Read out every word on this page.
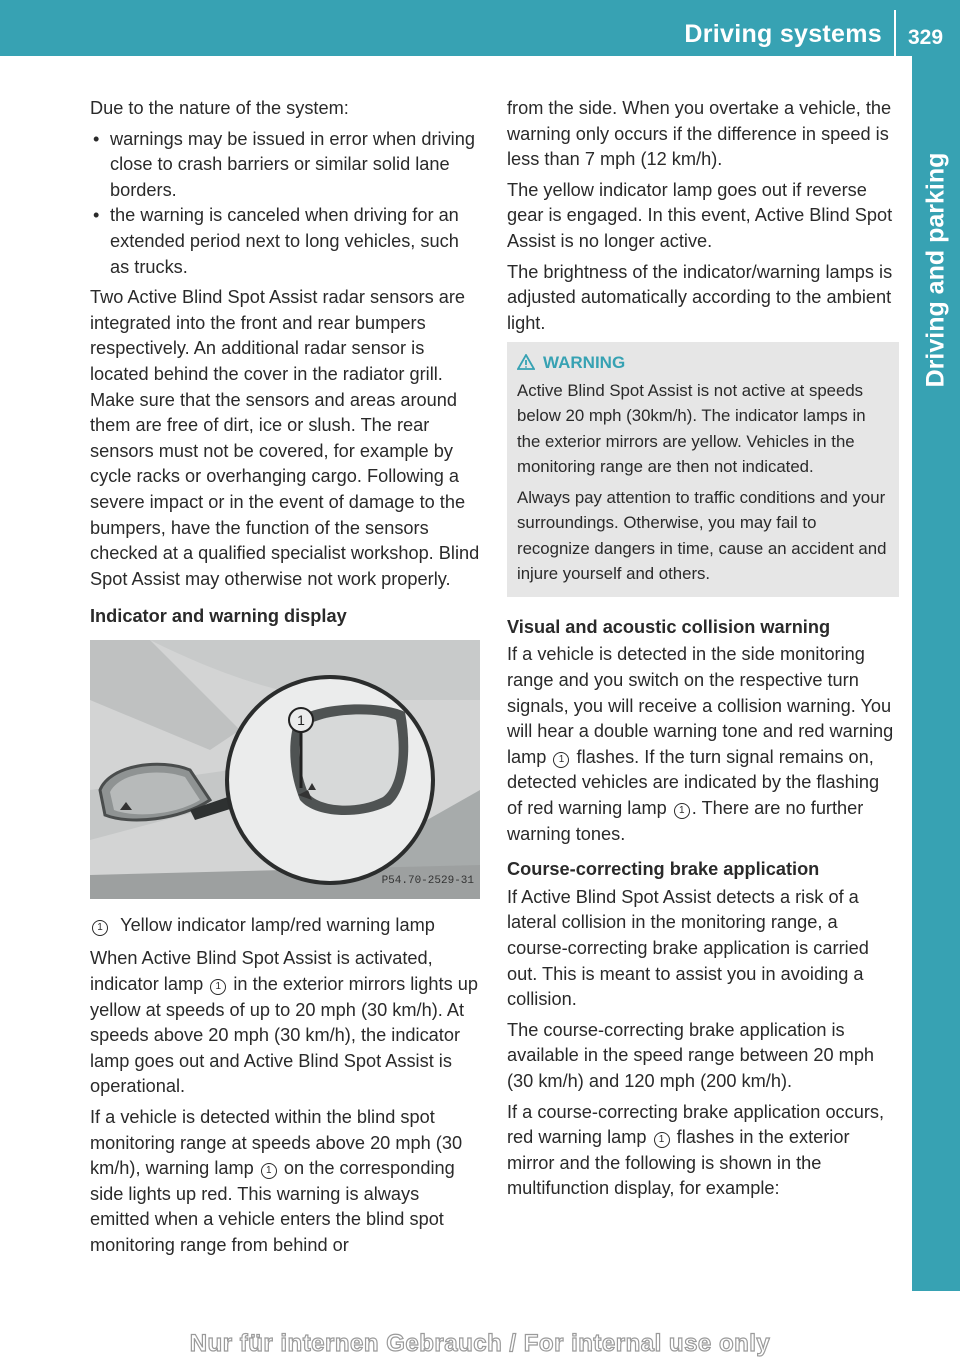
Driving systems 329
Driving and parking

Due to the nature of the system:

• warnings may be issued in error when driving close to crash barriers or similar solid lane borders.

• the warning is canceled when driving for an extended period next to long vehicles, such as trucks.

Two Active Blind Spot Assist radar sensors are integrated into the front and rear bumpers respectively. An additional radar sensor is located behind the cover in the radiator grill. Make sure that the sensors and areas around them are free of dirt, ice or slush. The rear sensors must not be covered, for example by cycle racks or overhanging cargo. Following a severe impact or in the event of damage to the bumpers, have the function of the sensors checked at a qualified specialist workshop. Blind Spot Assist may otherwise not work properly.

Indicator and warning display

1
P54.70-2529-31

1 Yellow indicator lamp/red warning lamp

When Active Blind Spot Assist is activated, indicator lamp 1 in the exterior mirrors lights up yellow at speeds of up to 20 mph (30 km/h). At speeds above 20 mph (30 km/h), the indicator lamp goes out and Active Blind Spot Assist is operational.

If a vehicle is detected within the blind spot monitoring range at speeds above 20 mph (30 km/h), warning lamp 1 on the corresponding side lights up red. This warning is always emitted when a vehicle enters the blind spot monitoring range from behind or

from the side. When you overtake a vehicle, the warning only occurs if the difference in speed is less than 7 mph (12 km/h).

The yellow indicator lamp goes out if reverse gear is engaged. In this event, Active Blind Spot Assist is no longer active.

The brightness of the indicator/warning lamps is adjusted automatically according to the ambient light.

WARNING

Active Blind Spot Assist is not active at speeds below 20 mph (30km/h). The indicator lamps in the exterior mirrors are yellow. Vehicles in the monitoring range are then not indicated.

Always pay attention to traffic conditions and your surroundings. Otherwise, you may fail to recognize dangers in time, cause an accident and injure yourself and others.

Visual and acoustic collision warning

If a vehicle is detected in the side monitoring range and you switch on the respective turn signals, you will receive a collision warning. You will hear a double warning tone and red warning lamp 1 flashes. If the turn signal remains on, detected vehicles are indicated by the flashing of red warning lamp 1 . There are no further warning tones.

Course-correcting brake application

If Active Blind Spot Assist detects a risk of a lateral collision in the monitoring range, a course-correcting brake application is carried out. This is meant to assist you in avoiding a collision.

The course-correcting brake application is available in the speed range between 20 mph (30 km/h) and 120 mph (200 km/h).

If a course-correcting brake application occurs, red warning lamp 1 flashes in the exterior mirror and the following is shown in the multifunction display, for example:

Nur für internen Gebrauch / For internal use only
